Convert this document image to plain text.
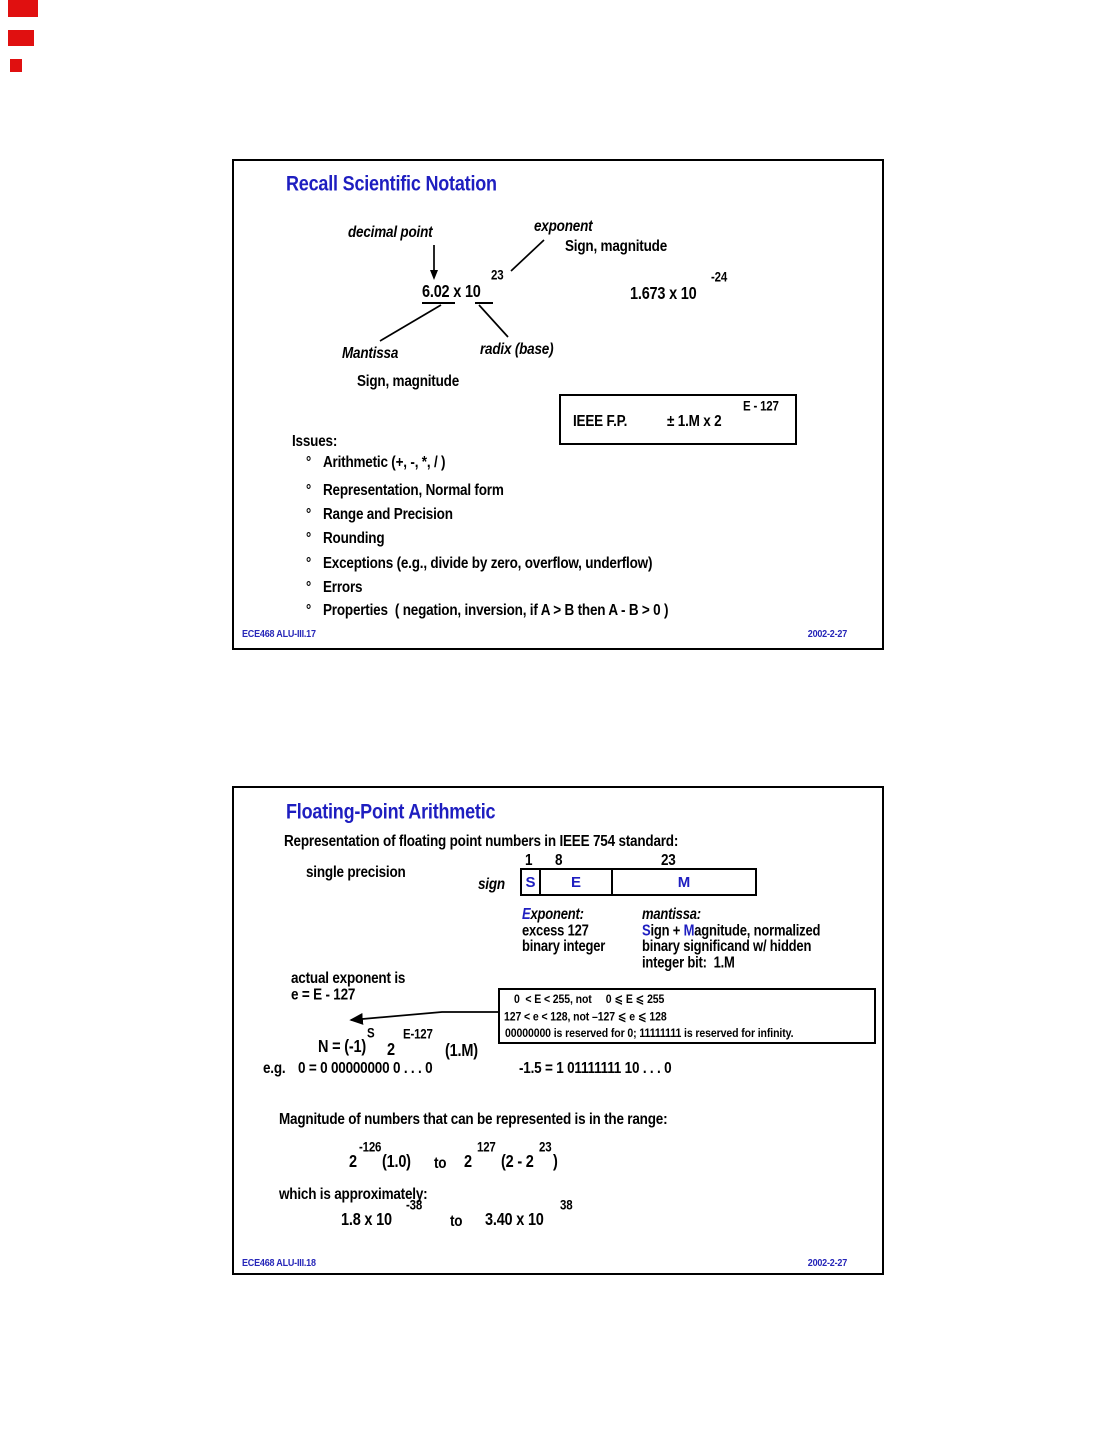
Recall Scientific Notation
decimal point	exponent
Sign, magnitude
23
6.02 x 10	1.673 x 10
-24
Mantissa	radix (base)
Sign, magnitude
IEEE F.P.	± 1.M x 2
E - 127
Issues:
° Arithmetic (+, -, *, / )
° Representation, Normal form
° Range and Precision
° Rounding
° Exceptions (e.g., divide by zero, overflow, underflow)
° Errors
° Properties  ( negation, inversion, if A > B then A - B > 0 )
ECE468 ALU-III.17	2002-2-27
Floating-Point Arithmetic
Representation of floating point numbers in IEEE 754 standard:
1 8	23
single precision
sign S	E	M
Exponent:
excess 127
binary integer
mantissa:
Sign + Magnitude, normalized
binary significand w/ hidden
integer bit:  1.M
actual exponent is
e = E - 127	0  < E < 255, not     0 ⩽ E ⩽ 255
127 < e < 128, not –127 ⩽ e ⩽ 128
00000000 is reserved for 0; 11111111 is reserved for infinity.
N = (-1)
S
2
E-127
(1.M)
e.g. 0 = 0 00000000 0 . . . 0	-1.5 = 1 01111111 10 . . . 0
Magnitude of numbers that can be represented is in the range:
2
-126
(1.0) to 2
127
(2 - 2
23
)
which is approximately:
1.8 x 10
-38
to 3.40 x 10
38
ECE468 ALU-III.18	2002-2-27
